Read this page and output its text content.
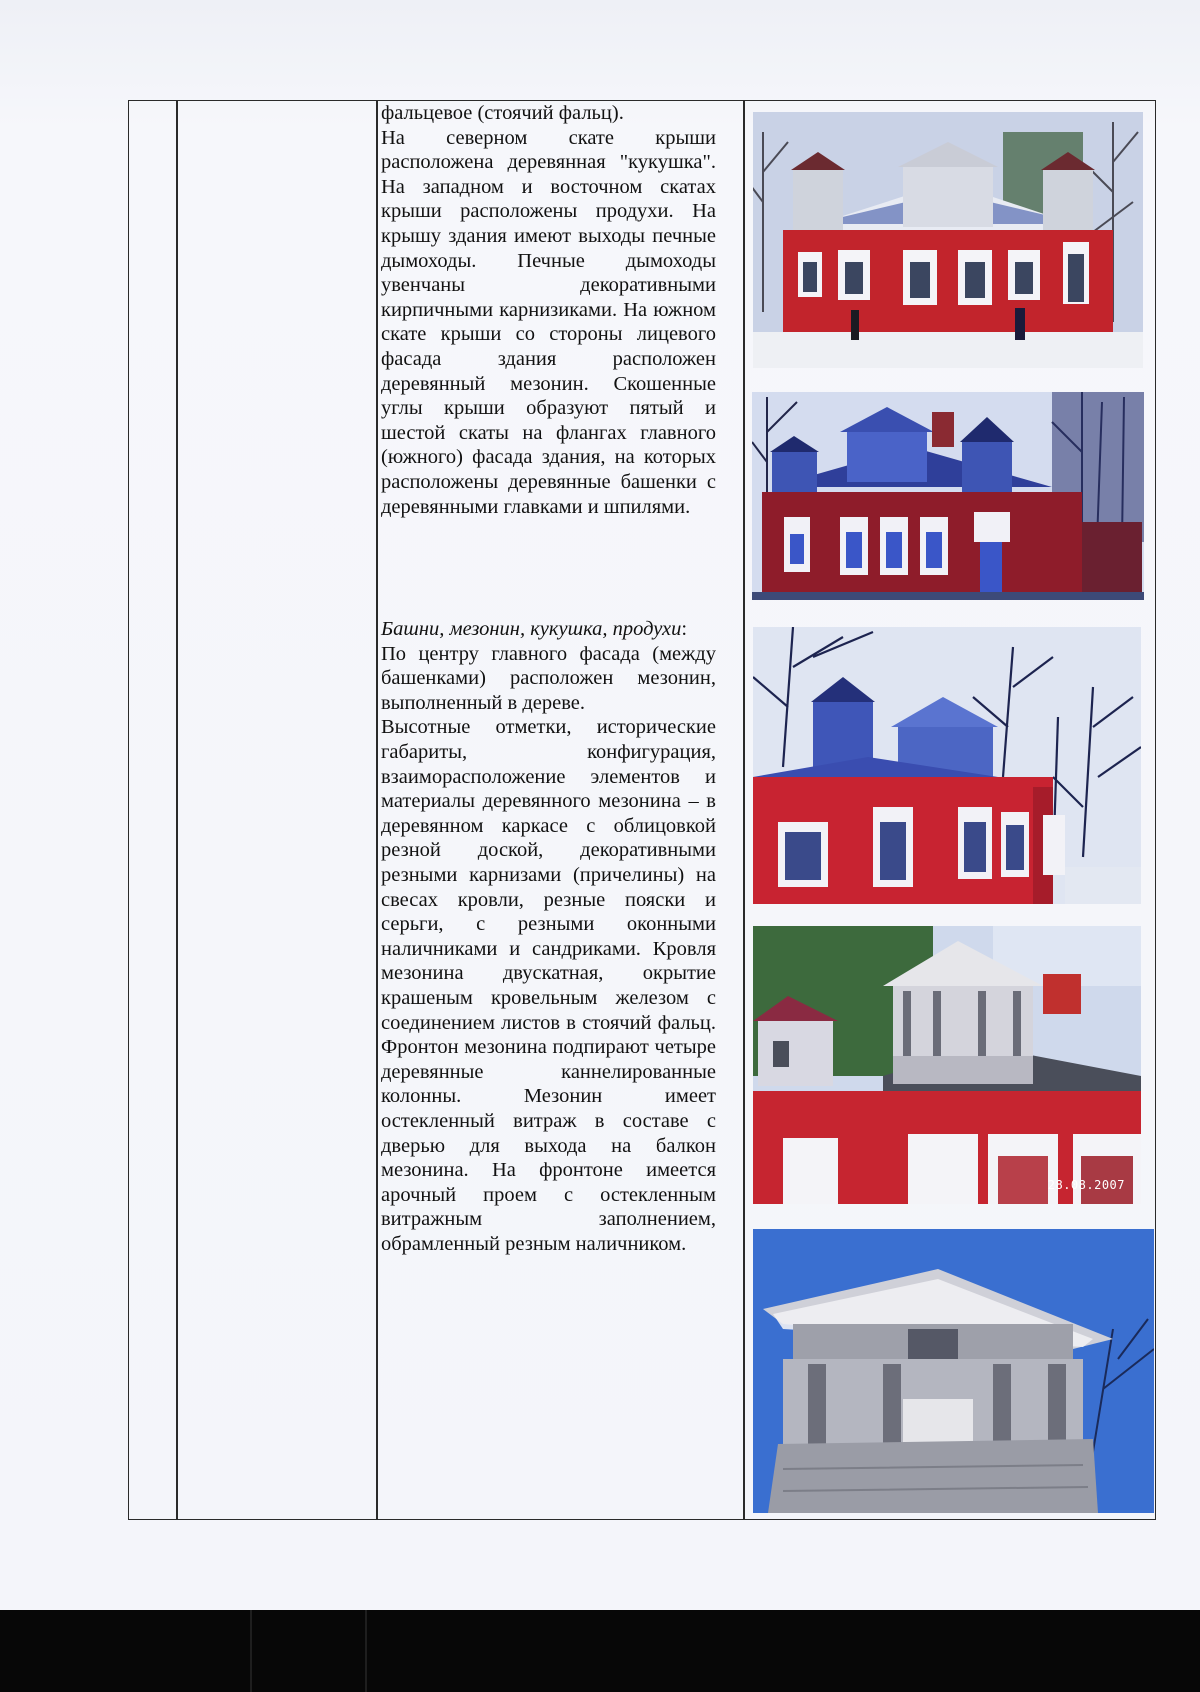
фальцевое (стоячий фальц).

На северном скате крыши расположена деревянная "кукушка". На западном и восточном скатах крыши расположены продухи. На крышу здания имеют выходы печные дымоходы. Печные дымоходы увенчаны декоративными кирпичными карнизиками. На южном скате крыши со стороны лицевого фасада здания расположен деревянный мезонин. Скошенные углы крыши образуют пятый и шестой скаты на флангах главного (южного) фасада здания, на которых расположены деревянные башенки с деревянными главками и шпилями.

Башни, мезонин, кукушка, продухи:

По центру главного фасада (между башенками) расположен мезонин, выполненный в дереве.

Высотные отметки, исторические габариты, конфигурация, взаиморасположение элементов и материалы деревянного мезонина – в деревянном каркасе с облицовкой резной доской, декоративными резными карнизами (причелины) на свесах кровли, резные пояски и серьги, с резными оконными наличниками и сандриками. Кровля мезонина двускатная, окрытие крашеным кровельным железом с соединением листов в стоячий фальц. Фронтон мезонина подпирают четыре деревянные каннелированные колонны. Мезонин имеет остекленный витраж в составе с дверью для выхода на балкон мезонина. На фронтоне имеется арочный проем с остекленным витражным заполнением, обрамленный резным наличником.

28.08.2007
